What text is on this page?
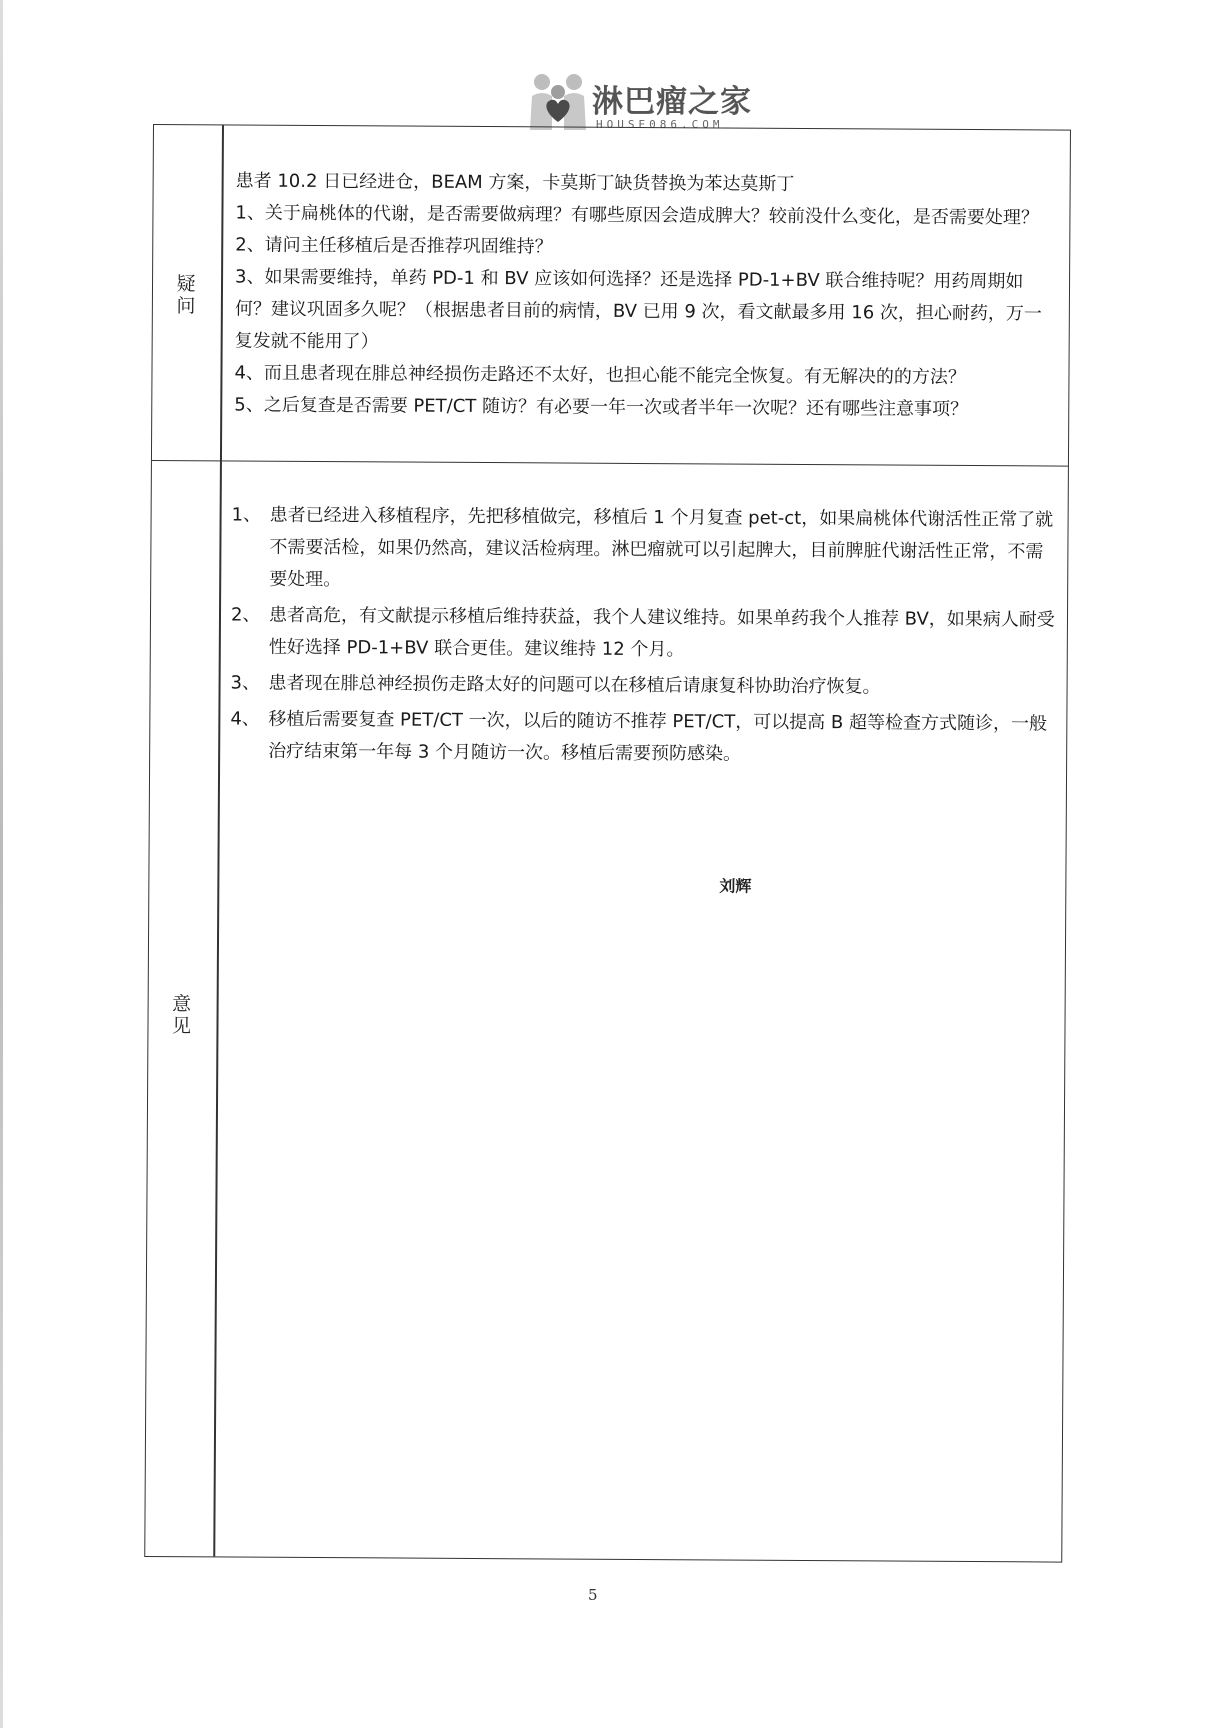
淋巴瘤之家
HOUSE086.COM
疑
问
意
见

患者 10.2 日已经进仓，BEAM 方案，卡莫斯丁缺货替换为苯达莫斯丁

1、关于扁桃体的代谢，是否需要做病理？有哪些原因会造成脾大？较前没什么变化，是否需要处理？

2、请问主任移植后是否推荐巩固维持？

3、如果需要维持，单药 PD-1 和 BV 应该如何选择？还是选择 PD-1+BV 联合维持呢？用药周期如何？建议巩固多久呢？（根据患者目前的病情，BV 已用 9 次，看文献最多用 16 次，担心耐药，万一复发就不能用了）

4、而且患者现在腓总神经损伤走路还不太好，也担心能不能完全恢复。有无解决的的方法？

5、之后复查是否需要 PET/CT 随访？有必要一年一次或者半年一次呢？还有哪些注意事项？

1、 患者已经进入移植程序，先把移植做完，移植后 1 个月复查 pet-ct，如果扁桃体代谢活性正常了就不需要活检，如果仍然高，建议活检病理。淋巴瘤就可以引起脾大，目前脾脏代谢活性正常，不需要处理。
2、 患者高危，有文献提示移植后维持获益，我个人建议维持。如果单药我个人推荐 BV，如果病人耐受性好选择 PD-1+BV 联合更佳。建议维持 12 个月。
3、 患者现在腓总神经损伤走路太好的问题可以在移植后请康复科协助治疗恢复。
4、 移植后需要复查 PET/CT 一次，以后的随访不推荐 PET/CT，可以提高 B 超等检查方式随诊，一般治疗结束第一年每 3 个月随访一次。移植后需要预防感染。
刘辉
5
